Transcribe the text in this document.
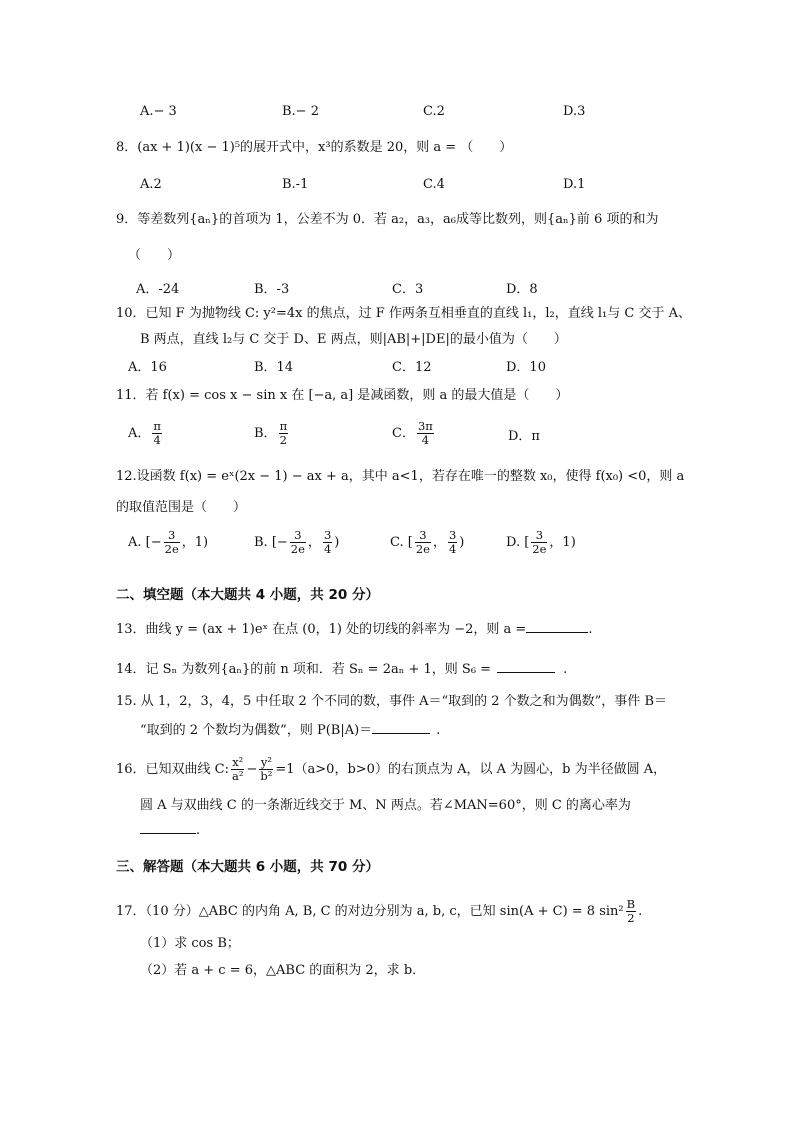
A.− 3	B.− 2	C.2	D.3
8．(ax + 1)(x − 1)⁵的展开式中，x³的系数是 20，则 a = （　　）
A.2	B.-1	C.4	D.1
9．等差数列{aₙ}的首项为 1，公差不为 0．若 a₂，a₃，a₆成等比数列，则{aₙ}前 6 项的和为
（　　）
A．-24	B．-3	C．3	D．8
10．已知 F 为抛物线 C: y²=4x 的焦点，过 F 作两条互相垂直的直线 l₁，l₂，直线 l₁与 C 交于 A、
B 两点，直线 l₂与 C 交于 D、E 两点，则|AB|+|DE|的最小值为（　　）
A．16	B．14	C．12	D．10
11．若 f(x) = cos x − sin x 在 [−a, a] 是减函数，则 a 的最大值是（　　）
A． $\frac{\pi}{4}$	B． $\frac{\pi}{2}$	C． $\frac{3\pi}{4}$	D．π
12.设函数 f(x) = eˣ(2x − 1) − ax + a，其中 a<1，若存在唯一的整数 x₀，使得 f(x₀) <0，则 a
的取值范围是（　　）
A. [− $\frac{3}{2e}$ ，1)	B. [− $\frac{3}{2e}$ ， $\frac{3}{4}$ )	C. [ $\frac{3}{2e}$ ， $\frac{3}{4}$ )	D. [ $\frac{3}{2e}$ ，1)
二、填空题（本大题共 4 小题，共 20 分）
13．曲线 y = (ax + 1)eˣ 在点 (0，1) 处的切线的斜率为 −2，则 a =	.
14．记 Sₙ 为数列{aₙ}的前 n 项和．若 Sₙ = 2aₙ + 1，则 S₆ =	.
15. 从 1，2，3，4，5 中任取 2 个不同的数，事件 A＝“取到的 2 个数之和为偶数”，事件 B＝
“取到的 2 个数均为偶数”，则 P(B|A)＝	.
16．已知双曲线 C: $\frac{\text{x²}}{\text{a²}} - \frac{\text{y²}}{\text{b²}} =1(a>0$，b>0）的右顶点为 A，以 A 为圆心，b 为半径做圆 A，
圆 A 与双曲线 C 的一条渐近线交于 M、N 两点。若∠MAN=60°，则 C 的离心率为
.
三、解答题（本大题共 6 小题，共 70 分）
17．（10 分）△ABC 的内角 A, B, C 的对边分别为 a, b, c，已知 sin(A + C) = 8 $\sin^2 \frac{B}{2}$ .
（1）求 cos B；
（2）若 a + c = 6，△ABC 的面积为 2，求 b．
